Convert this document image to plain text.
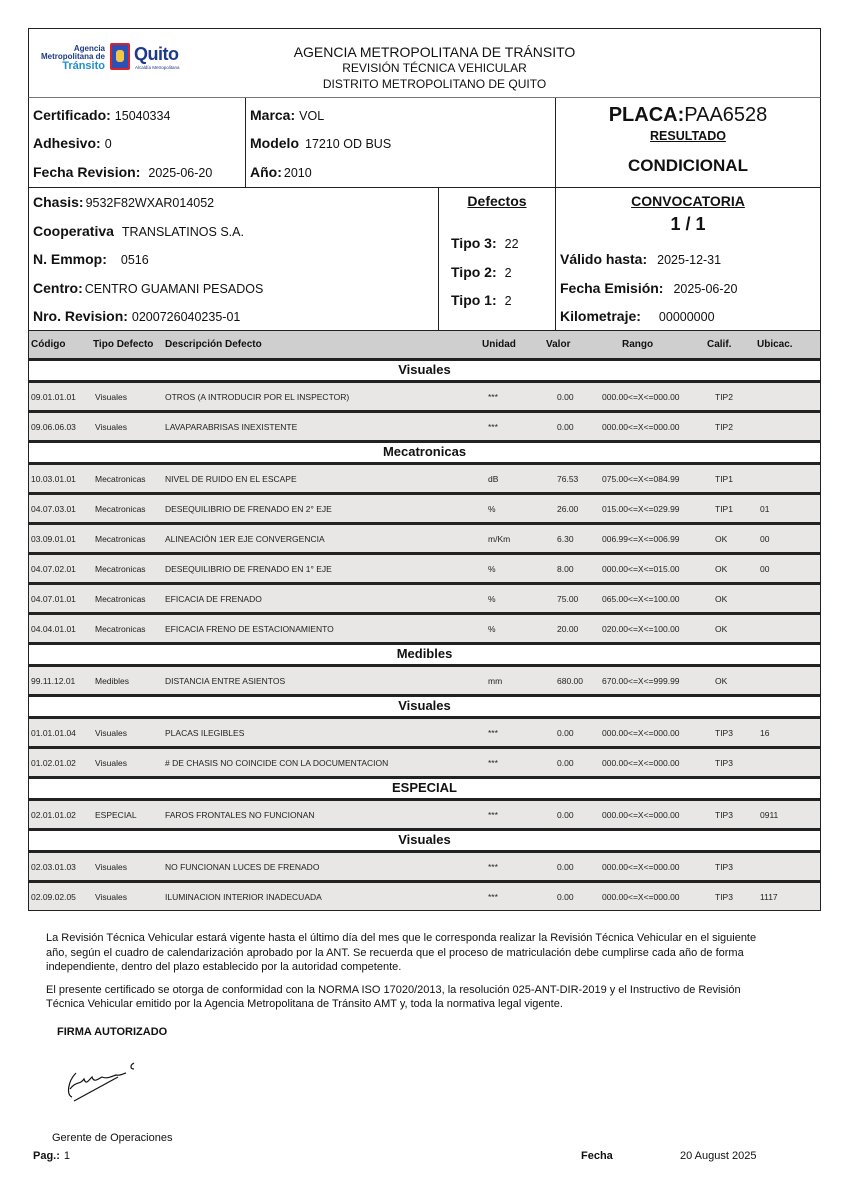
Agencia
Metropolitana de
Tránsito
Quito
Alcaldía Metropolitana
AGENCIA METROPOLITANA DE TRÁNSITO
REVISIÓN TÉCNICA VEHICULAR
DISTRITO METROPOLITANO DE QUITO
Certificado: 15040334
Adhesivo: 0
Fecha Revision: 2025-06-20
Marca: VOL
Modelo 17210 OD BUS
Año: 2010
PLACA:PAA6528
RESULTADO
CONDICIONAL
Chasis: 9532F82WXAR014052
Cooperativa TRANSLATINOS S.A.
N. Emmop: 0516
Centro: CENTRO GUAMANI PESADOS
Nro. Revision: 0200726040235-01
Defectos
Tipo 3: 22
Tipo 2: 2
Tipo 1: 2
CONVOCATORIA
1 / 1
Válido hasta: 2025-12-31
Fecha Emisión: 2025-06-20
Kilometraje: 00000000
Código	Tipo Defecto	Descripción Defecto	Unidad	Valor	Rango	Calif.	Ubicac.
Visuales
09.01.01.01	Visuales	OTROS (A INTRODUCIR POR EL INSPECTOR)	***	0.00	000.00<=X<=000.00	TIP2
09.06.06.03	Visuales	LAVAPARABRISAS INEXISTENTE	***	0.00	000.00<=X<=000.00	TIP2
Mecatronicas
10.03.01.01	Mecatronicas	NIVEL DE RUIDO EN EL ESCAPE	dB	76.53	075.00<=X<=084.99	TIP1
04.07.03.01	Mecatronicas	DESEQUILIBRIO DE FRENADO EN 2° EJE	%	26.00	015.00<=X<=029.99	TIP1	01
03.09.01.01	Mecatronicas	ALINEACIÓN 1ER EJE CONVERGENCIA	m/Km	6.30	006.99<=X<=006.99	OK	00
04.07.02.01	Mecatronicas	DESEQUILIBRIO DE FRENADO EN 1° EJE	%	8.00	000.00<=X<=015.00	OK	00
04.07.01.01	Mecatronicas	EFICACIA DE FRENADO	%	75.00	065.00<=X<=100.00	OK
04.04.01.01	Mecatronicas	EFICACIA FRENO DE ESTACIONAMIENTO	%	20.00	020.00<=X<=100.00	OK
Medibles
99.11.12.01	Medibles	DISTANCIA ENTRE ASIENTOS	mm	680.00	670.00<=X<=999.99	OK
Visuales
01.01.01.04	Visuales	PLACAS ILEGIBLES	***	0.00	000.00<=X<=000.00	TIP3	16
01.02.01.02	Visuales	# DE CHASIS NO COINCIDE CON LA DOCUMENTACION	***	0.00	000.00<=X<=000.00	TIP3
ESPECIAL
02.01.01.02	ESPECIAL	FAROS FRONTALES NO FUNCIONAN	***	0.00	000.00<=X<=000.00	TIP3	0911
Visuales
02.03.01.03	Visuales	NO FUNCIONAN LUCES DE FRENADO	***	0.00	000.00<=X<=000.00	TIP3
02.09.02.05	Visuales	ILUMINACION INTERIOR INADECUADA	***	0.00	000.00<=X<=000.00	TIP3	1117

La Revisión Técnica Vehicular estará vigente hasta el último día del mes que le corresponda realizar la Revisión Técnica Vehicular en el siguiente año, según el cuadro de calendarización aprobado por la ANT. Se recuerda que el proceso de matriculación debe cumplirse cada año de forma independiente, dentro del plazo establecido por la autoridad competente.

El presente certificado se otorga de conformidad con la NORMA ISO 17020/2013, la resolución 025-ANT-DIR-2019 y el Instructivo de Revisión Técnica Vehicular emitido por la Agencia Metropolitana de Tránsito AMT y, toda la normativa legal vigente.

FIRMA AUTORIZADO
Gerente de Operaciones
Pag.: 1	Fecha	20 August 2025
